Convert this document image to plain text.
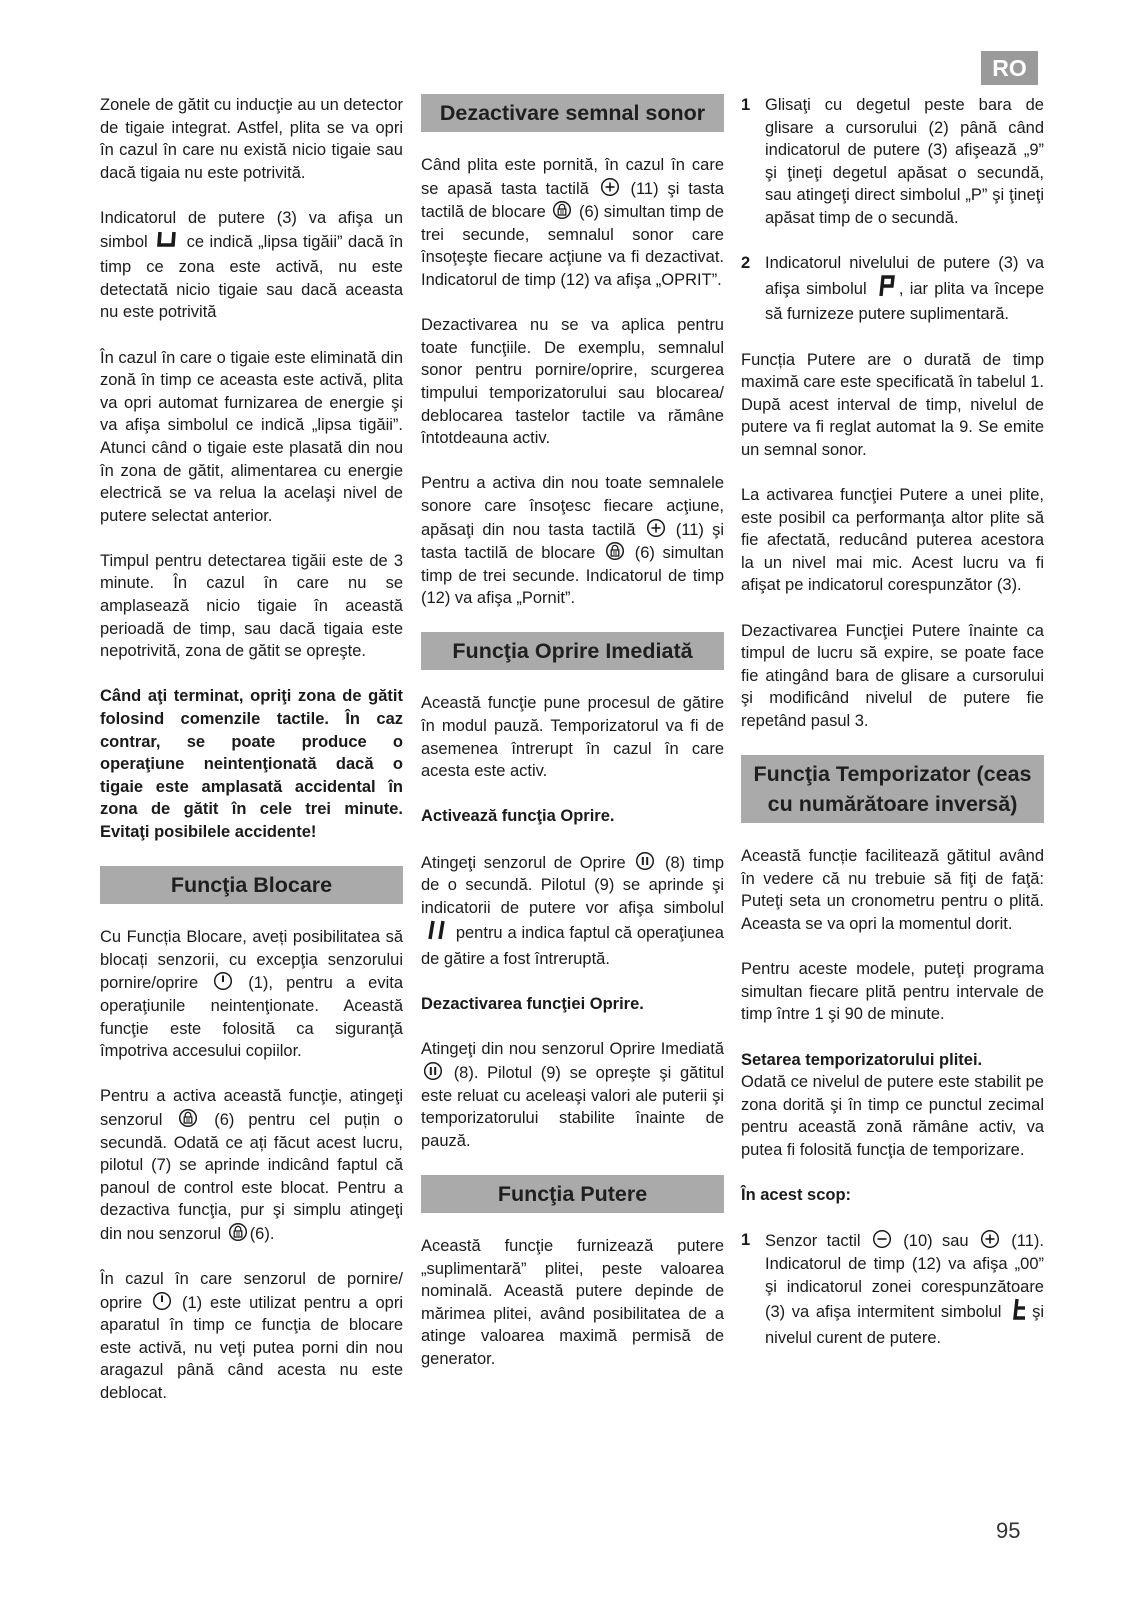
RO

Zonele de gătit cu inducţie au un detector de tigaie integrat. Astfel, plita se va opri în cazul în care nu există nicio tigaie sau dacă tigaia nu este potrivită.

Indicatorul de putere (3) va afişa un simbol ce indică „lipsa tigăii” dacă în timp ce zona este activă, nu este detectată nicio tigaie sau dacă aceasta nu este potrivită

În cazul în care o tigaie este eliminată din zonă în timp ce aceasta este activă, plita va opri automat furnizarea de energie şi va afişa simbolul ce indică „lipsa tigăii”. Atunci când o tigaie este plasată din nou în zona de gătit, alimentarea cu energie electrică se va relua la acelaşi nivel de putere selectat anterior.

Timpul pentru detectarea tigăii este de 3 minute. În cazul în care nu se amplasează nicio tigaie în această perioadă de timp, sau dacă tigaia este nepotrivită, zona de gătit se opreşte.

Când aţi terminat, opriţi zona de gătit folosind comenzile tactile. În caz contrar, se poate produce o operaţiune neintenţionată dacă o tigaie este amplasată accidental în zona de gătit în cele trei minute. Evitaţi posibilele accidente!

Funcţia Blocare

Cu Funcția Blocare, aveți posibilitatea să blocați senzorii, cu excepţia senzorului pornire/oprire	(1), pentru a evita operaţiunile neintenţionate. Această funcţie este folosită ca siguranţă împotriva accesului copiilor.

Pentru a activa această funcţie, atingeţi senzorul	(6) pentru cel puțin o secundă. Odată ce ați făcut acest lucru, pilotul (7) se aprinde indicând faptul că panoul de control este blocat. Pentru a dezactiva funcţia, pur şi simplu atingeţi din nou senzorul (6).

În cazul în care senzorul de pornire/ oprire (1) este utilizat pentru a opri aparatul în timp ce funcţia de blocare este activă, nu veţi putea porni din nou aragazul până când acesta nu este deblocat.

Dezactivare semnal sonor

Când plita este pornită, în cazul în care se apasă tasta tactilă	(11) şi tasta tactilă de blocare (6) simultan timp de trei secunde, semnalul sonor care însoţeşte fiecare acţiune va fi dezactivat. Indicatorul de timp (12) va afişa „OPRIT”.

Dezactivarea nu se va aplica pentru toate funcţiile. De exemplu, semnalul sonor pentru pornire/oprire, scurgerea timpului temporizatorului sau blocarea/ deblocarea tastelor tactile va rămâne întotdeauna activ.

Pentru a activa din nou toate semnalele sonore care însoţesc fiecare acţiune, apăsaţi din nou tasta tactilă (11) şi tasta tactilă de blocare (6) simultan timp de trei secunde. Indicatorul de timp (12) va afişa „Pornit”.

Funcţia Oprire Imediată

Această funcţie pune procesul de gătire în modul pauză. Temporizatorul va fi de asemenea întrerupt în cazul în care acesta este activ.

Activează funcţia Oprire.

Atingeţi senzorul de Oprire (8) timp de o secundă. Pilotul (9) se aprinde şi indicatorii de putere vor afişa simbolul  pentru a indica faptul că operaţiunea de gătire a fost întreruptă.

Dezactivarea funcţiei Oprire.

Atingeţi din nou senzorul Oprire Imediată
(8). Pilotul (9) se opreşte şi gătitul este reluat cu aceleaşi valori ale puterii şi temporizatorului stabilite înainte de pauză.

Funcţia Putere

Această funcţie furnizează putere „suplimentară” plitei, peste valoarea nominală. Această putere depinde de mărimea plitei, având posibilitatea de a atinge valoarea maximă permisă de generator.

1 Glisaţi cu degetul peste bara de glisare a cursorului (2) până când indicatorul de putere (3) afişează „9” şi ţineţi degetul apăsat o secundă, sau atingeţi direct simbolul „P” şi ţineţi apăsat timp de o secundă.
2 Indicatorul nivelului de putere (3) va afişa simbolul , iar plita va începe să furnizeze putere suplimentară.

Funcția Putere are o durată de timp maximă care este specificată în tabelul 1. După acest interval de timp, nivelul de putere va fi reglat automat la 9. Se emite un semnal sonor.

La activarea funcţiei Putere a unei plite, este posibil ca performanţa altor plite să fie afectată, reducând puterea acestora la un nivel mai mic. Acest lucru va fi afişat pe indicatorul corespunzător (3).

Dezactivarea Funcţiei Putere înainte ca timpul de lucru să expire, se poate face fie atingând bara de glisare a cursorului şi modificând nivelul de putere fie repetând pasul 3.

Funcţia Temporizator (ceas cu numărătoare inversă)

Această funcție facilitează gătitul având în vedere că nu trebuie să fiţi de faţă: Puteţi seta un cronometru pentru o plită. Aceasta se va opri la momentul dorit.

Pentru aceste modele, puteţi programa simultan fiecare plită pentru intervale de timp între 1 şi 90 de minute.

Setarea temporizatorului plitei.

Odată ce nivelul de putere este stabilit pe zona dorită şi în timp ce punctul zecimal pentru această zonă rămâne activ, va putea fi folosită funcţia de temporizare.

În acest scop:

1 Senzor tactil	(10) sau	(11). Indicatorul de timp (12) va afişa „00” şi indicatorul zonei corespunzătoare (3) va afişa intermitent simbolul şi nivelul curent de putere.
95
